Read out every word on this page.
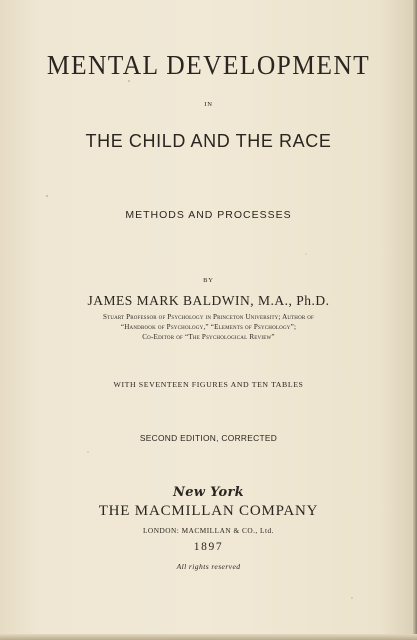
MENTAL DEVELOPMENT
IN
THE CHILD AND THE RACE
METHODS AND PROCESSES
BY
JAMES MARK BALDWIN, M.A., Ph.D.
Stuart Professor of Psychology in Princeton University; Author of
“Handbook of Psychology,” “Elements of Psychology”;
Co-Editor of “The Psychological Review”
WITH SEVENTEEN FIGURES AND TEN TABLES
SECOND EDITION, CORRECTED
New York
THE MACMILLAN COMPANY
LONDON: MACMILLAN & CO., Ltd.
1897
All rights reserved
